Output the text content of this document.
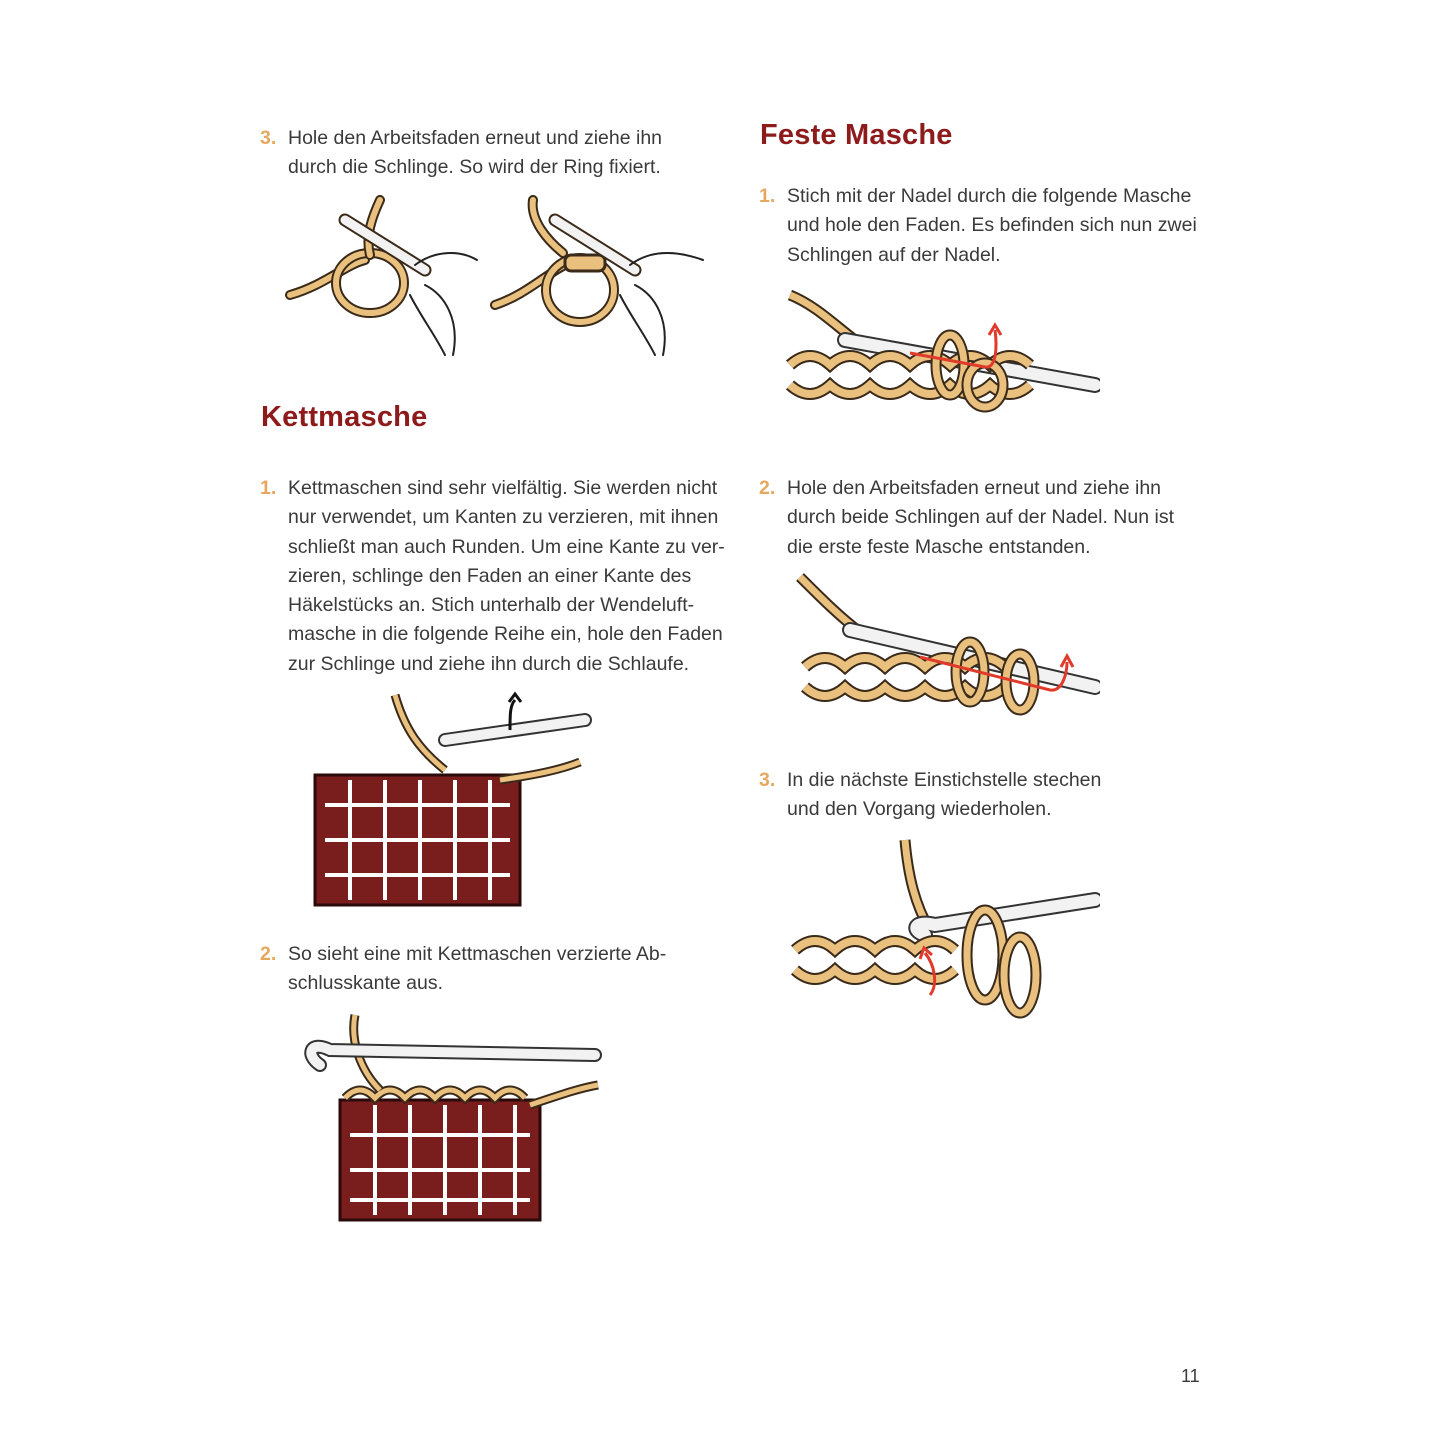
3. Hole den Arbeitsfaden erneut und ziehe ihn
durch die Schlinge. So wird der Ring fixiert.
Kettmasche
1. Kettmaschen sind sehr vielfältig. Sie werden nicht
nur verwendet, um Kanten zu verzieren, mit ihnen
schließt man auch Runden. Um eine Kante zu ver-
zieren, schlinge den Faden an einer Kante des
Häkelstücks an. Stich unterhalb der Wendeluft-
masche in die folgende Reihe ein, hole den Faden
zur Schlinge und ziehe ihn durch die Schlaufe.
2. So sieht eine mit Kettmaschen verzierte Ab-
schlusskante aus.
Feste Masche
1. Stich mit der Nadel durch die folgende Masche
und hole den Faden. Es befinden sich nun zwei
Schlingen auf der Nadel.
2. Hole den Arbeitsfaden erneut und ziehe ihn
durch beide Schlingen auf der Nadel. Nun ist
die erste feste Masche entstanden.
3. In die nächste Einstichstelle stechen
und den Vorgang wiederholen.
11
